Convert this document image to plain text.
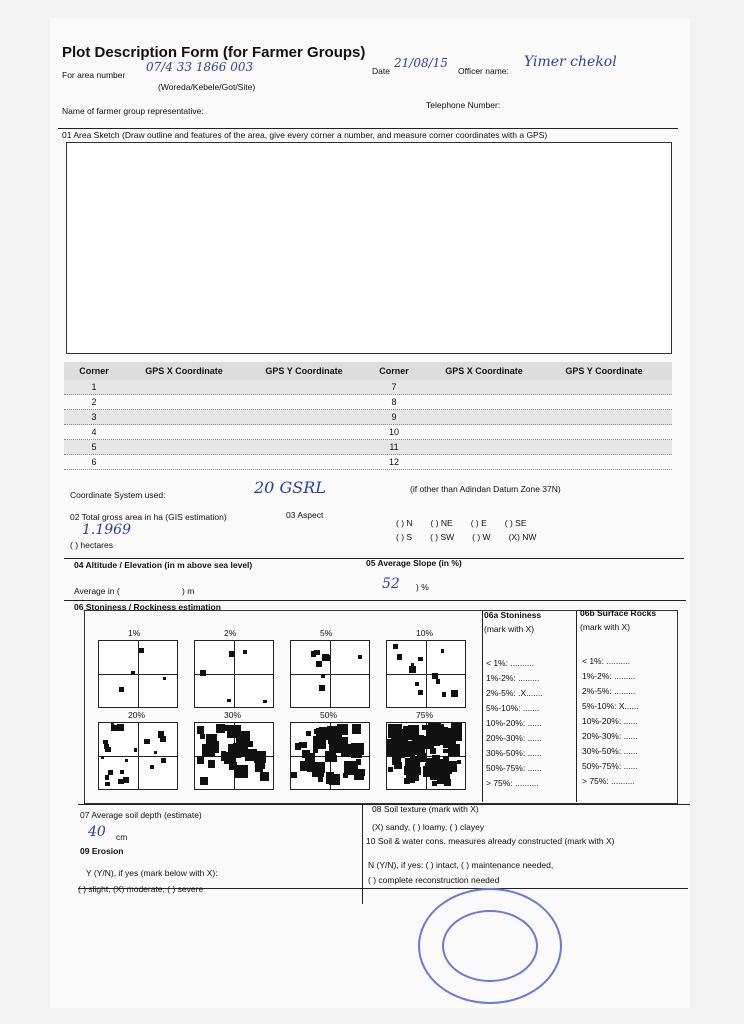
Plot Description Form (for Farmer Groups)
For area number
07/4 33 1866 003
(Woreda/Kebele/Got/Site)
Date
21/08/15
Officer name:
Yimer chekol
Name of farmer group representative:
Telephone Number:
01 Area Sketch (Draw outline and features of the area, give every corner a number, and measure corner coordinates with a GPS)
Corner	GPS X Coordinate	GPS Y Coordinate	Corner	GPS X Coordinate	GPS Y Coordinate
1	7
2	8
3	9
4	10
5	11
6	12
Coordinate System used:	20 GSRL	(if other than Adindan Datum Zone 37N)
02 Total gross area in ha (GIS estimation)	03 Aspect
1.1969
( ) hectares
( ) N ( ) NE ( ) E ( ) SE
( ) S ( ) SW ( ) W (X) NW
04 Altitude / Elevation (in m above sea level)	05 Average Slope (in %)
Average in (	) m	52 ) %
06 Stoniness / Rockiness estimation
06a Stoniness
(mark with X)
06b Surface Rocks
(mark with X)
< 1%: ..........
1%-2%: .........
2%-5%: .X.......
5%-10%: .......
10%-20%: ......
20%-30%: ......
30%-50%: ......
50%-75%: ......
> 75%: ..........
< 1%: ..........
1%-2%: .........
2%-5%: .........
5%-10%: X......
10%-20%: ......
20%-30%: ......
30%-50%: ......
50%-75%: ......
> 75%: ..........
07 Average soil depth (estimate)
08 Soil texture (mark with X)
40 cm
(X) sandy, ( ) loamy, ( ) clayey
09 Erosion
10 Soil & water cons. measures already constructed (mark with X)
Y (Y/N), if yes (mark below with X):
( ) slight, (X) moderate, ( ) severe
N (Y/N), if yes: ( ) intact, ( ) maintenance needed,
( ) complete reconstruction needed
1%	2%	5%	10%
20%	30%	50%	75%
